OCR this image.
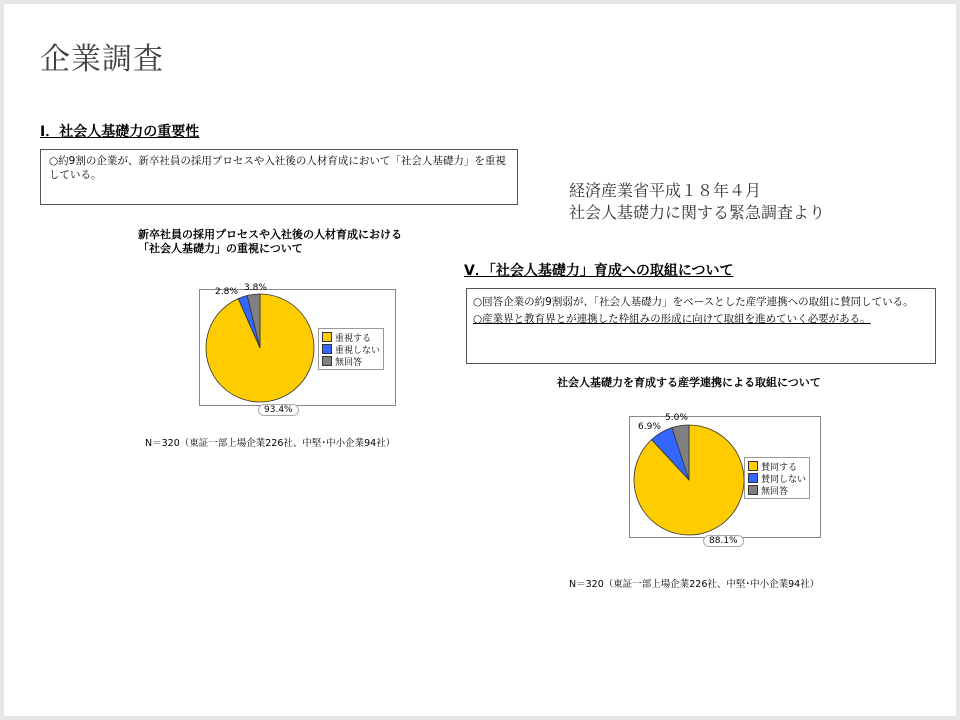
企業調査
Ⅰ．社会人基礎力の重要性

○約9割の企業が、新卒社員の採用プロセスや入社後の人材育成において「社会人基礎力」を重視している。

経済産業省平成１８年４月
社会人基礎力に関する緊急調査より
新卒社員の採用プロセスや入社後の人材育成における
「社会人基礎力」の重視について
重視する
重視しない
無回答
2.8% 3.8%
93.4%
N＝320（東証一部上場企業226社、中堅･中小企業94社）
Ⅴ．「社会人基礎力」育成への取組について

○回答企業の約9割弱が、「社会人基礎力」をベースとした産学連携への取組に賛同している。

○産業界と教育界とが連携した枠組みの形成に向けて取組を進めていく必要がある。

社会人基礎力を育成する産学連携による取組について
賛同する
賛同しない
無回答
6.9%
5.0%
88.1%
N＝320（東証一部上場企業226社、中堅･中小企業94社）
